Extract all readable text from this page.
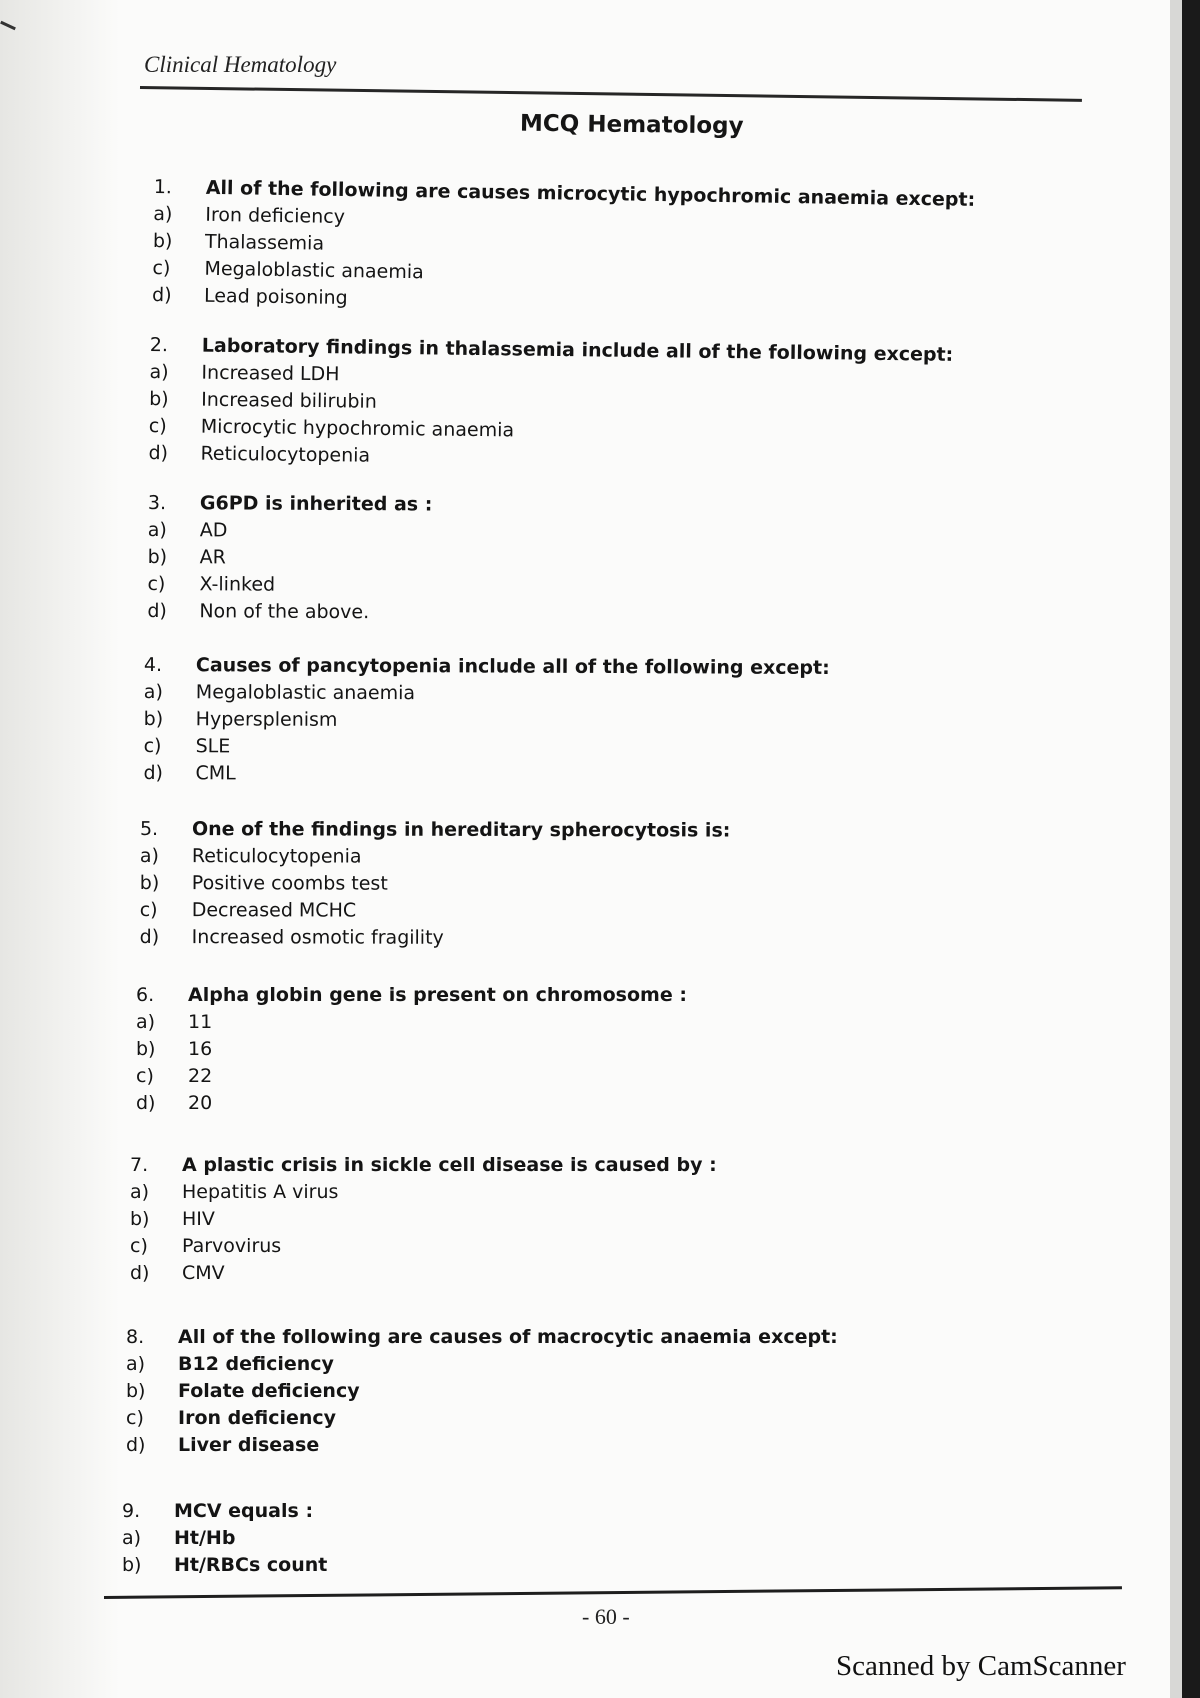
Clinical Hematology
MCQ Hematology
1.	All of the following are causes microcytic hypochromic anaemia except:
a)	Iron deficiency
b)	Thalassemia
c)	Megaloblastic anaemia
d)	Lead poisoning
2.	Laboratory findings in thalassemia include all of the following except:
a)	Increased LDH
b)	Increased bilirubin
c)	Microcytic hypochromic anaemia
d)	Reticulocytopenia
3.	G6PD is inherited as :
a)	AD
b)	AR
c)	X-linked
d)	Non of the above.
4.	Causes of pancytopenia include all of the following except:
a)	Megaloblastic anaemia
b)	Hypersplenism
c)	SLE
d)	CML
5.	One of the findings in hereditary spherocytosis is:
a)	Reticulocytopenia
b)	Positive coombs test
c)	Decreased MCHC
d)	Increased osmotic fragility
6.	Alpha globin gene is present on chromosome :
a)	11
b)	16
c)	22
d)	20
7.	A plastic crisis in sickle cell disease is caused by :
a)	Hepatitis A virus
b)	HIV
c)	Parvovirus
d)	CMV
8.	All of the following are causes of macrocytic anaemia except:
a)	B12 deficiency
b)	Folate deficiency
c)	Iron deficiency
d)	Liver disease
9.	MCV equals :
a)	Ht/Hb
b)	Ht/RBCs count
- 60 -
Scanned by CamScanner
